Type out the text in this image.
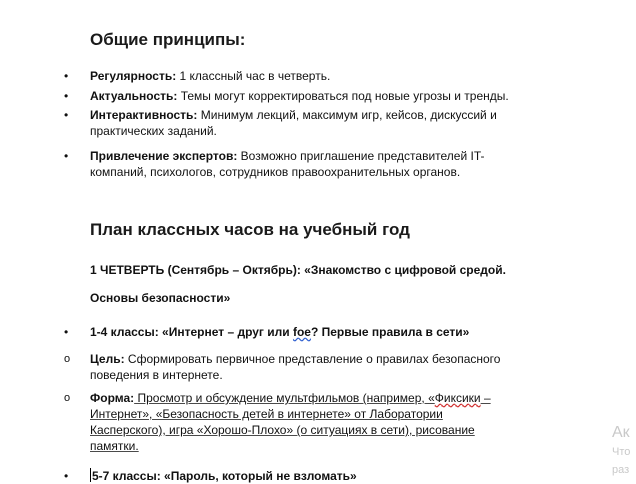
Общие принципы:
• Регулярность: 1 классный час в четверть.
• Актуальность: Темы могут корректироваться под новые угрозы и тренды.
• Интерактивность: Минимум лекций, максимум игр, кейсов, дискуссий и
практических заданий.
• Привлечение экспертов: Возможно приглашение представителей IT-
компаний, психологов, сотрудников правоохранительных органов.
План классных часов на учебный год
1 ЧЕТВЕРТЬ (Сентябрь – Октябрь): «Знакомство с цифровой средой.
Основы безопасности»
• 1-4 классы: «Интернет – друг или foe? Первые правила в сети»
o Цель: Сформировать первичное представление о правилах безопасного
поведения в интернете.
o Форма: Просмотр и обсуждение мультфильмов (например, «Фиксики –
Интернет», «Безопасность детей в интернете» от Лаборатории
Касперского), игра «Хорошо-Плохо» (о ситуациях в сети), рисование
памятки.
• 5-7 классы: «Пароль, который не взломать»
Ак
Что
раз
